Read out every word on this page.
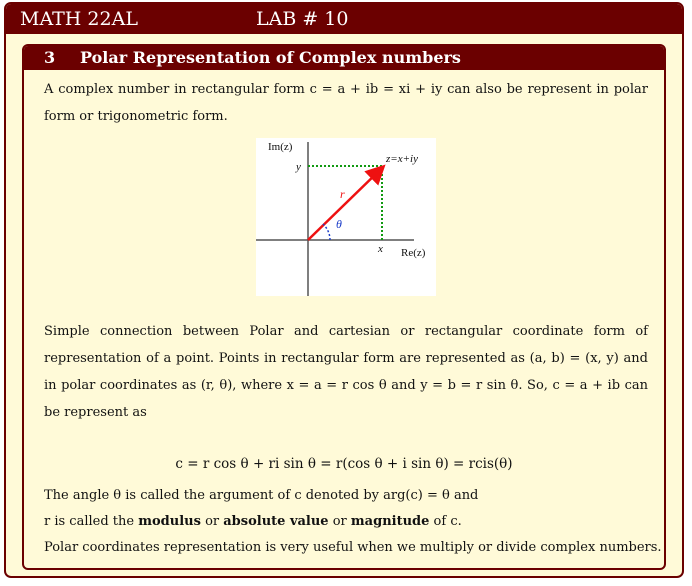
MATH 22AL	LAB # 10
3 Polar Representation of Complex numbers
A complex number in rectangular form c = a + ib = xi + iy can also be represent in polar form or trigonometric form.
Im(z)
Re(z)
z=x+iy
y
x
r
θ
Simple connection between Polar and cartesian or rectangular coordinate form of representation of a point. Points in rectangular form are represented as (a, b) = (x, y) and in polar coordinates as (r, θ), where x = a = r cos θ and y = b = r sin θ. So, c = a + ib can be represent as
c = r cos θ + ri sin θ = r(cos θ + i sin θ) = rcis(θ)
The angle θ is called the argument of c denoted by arg(c) = θ and
r is called the modulus or absolute value or magnitude of c.
Polar coordinates representation is very useful when we multiply or divide complex numbers.
